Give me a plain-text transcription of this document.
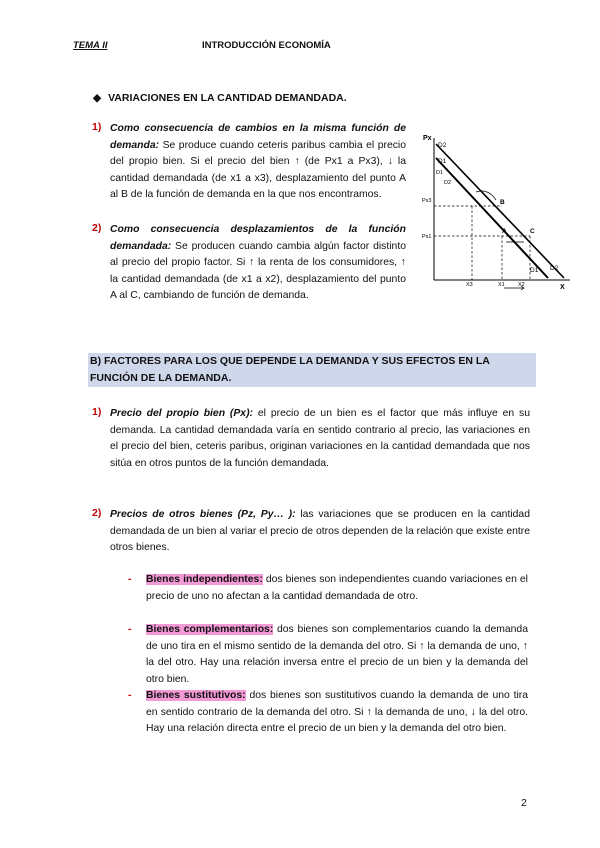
TEMA II	INTRODUCCIÓN ECONOMÍA
◆ VARIACIONES EN LA CANTIDAD DEMANDADA.
1) Como consecuencia de cambios en la misma función de demanda: Se produce cuando ceteris paribus cambia el precio del propio bien. Si el precio del bien ↑ (de Px1 a Px3), ↓ la cantidad demandada (de x1 a x3), desplazamiento del punto A al B de la función de demanda en la que nos encontramos.
2) Como consecuencia desplazamientos de la función demandada: Se producen cuando cambia algún factor distinto al precio del propio factor. Si ↑ la renta de los consumidores, ↑ la cantidad demandada (de x1 a x2), desplazamiento del punto A al C, cambiando de función de demanda.
Px
X
D2
D1
D1 D2
D1
D2
Px3
Px1
X3	X1 X2
B
A	C
B) FACTORES PARA LOS QUE DEPENDE LA DEMANDA Y SUS EFECTOS EN LA FUNCIÓN DE LA DEMANDA.
1) Precio del propio bien (Px): el precio de un bien es el factor que más influye en su demanda. La cantidad demandada varía en sentido contrario al precio, las variaciones en el precio del bien, ceteris paribus, originan variaciones en la cantidad demandada que nos sitúa en otros puntos de la función demandada.
2) Precios de otros bienes (Pz, Py… ): las variaciones que se producen en la cantidad demandada de un bien al variar el precio de otros dependen de la relación que existe entre otros bienes.
- Bienes independientes: dos bienes son independientes cuando variaciones en el precio de uno no afectan a la cantidad demandada de otro.
- Bienes complementarios: dos bienes son complementarios cuando la demanda de uno tira en el mismo sentido de la demanda del otro. Si ↑ la demanda de uno, ↑ la del otro. Hay una relación inversa entre el precio de un bien y la demanda del otro bien.
- Bienes sustitutivos: dos bienes son sustitutivos cuando la demanda de uno tira en sentido contrario de la demanda del otro. Si ↑ la demanda de uno, ↓ la del otro. Hay una relación directa entre el precio de un bien y la demanda del otro bien.
2
